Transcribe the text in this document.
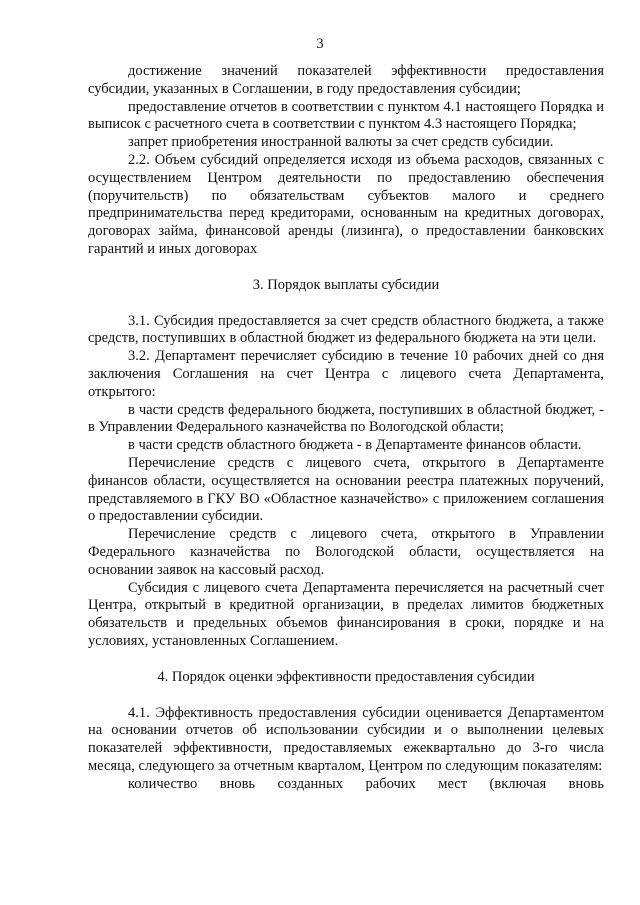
3

достижение значений показателей эффективности предоставления субсидии, указанных в Соглашении, в году предоставления субсидии;

предоставление отчетов в соответствии с пунктом 4.1 настоящего Порядка и выписок с расчетного счета в соответствии с пунктом 4.3 настоящего Порядка;

запрет приобретения иностранной валюты за счет средств субсидии.

2.2. Объем субсидий определяется исходя из объема расходов, связанных с осуществлением Центром деятельности по предоставлению обеспечения (поручительств) по обязательствам субъектов малого и среднего предпринимательства перед кредиторами, основанным на кредитных договорах, договорах займа, финансовой аренды (лизинга), о предоставлении банковских гарантий и иных договорах

3. Порядок выплаты субсидии

3.1. Субсидия предоставляется за счет средств областного бюджета, а также средств, поступивших в областной бюджет из федерального бюджета на эти цели.

3.2. Департамент перечисляет субсидию в течение 10 рабочих дней со дня заключения Соглашения на счет Центра с лицевого счета Департамента, открытого:

в части средств федерального бюджета, поступивших в областной бюджет, - в Управлении Федерального казначейства по Вологодской области;

в части средств областного бюджета - в Департаменте финансов области.

Перечисление средств с лицевого счета, открытого в Департаменте финансов области, осуществляется на основании реестра платежных поручений, представляемого в ГКУ ВО «Областное казначейство» с приложением соглашения о предоставлении субсидии.

Перечисление средств с лицевого счета, открытого в Управлении Федерального казначейства по Вологодской области, осуществляется на основании заявок на кассовый расход.

Субсидия с лицевого счета Департамента перечисляется на расчетный счет Центра, открытый в кредитной организации, в пределах лимитов бюджетных обязательств и предельных объемов финансирования в сроки, порядке и на условиях, установленных Соглашением.

4. Порядок оценки эффективности предоставления субсидии

4.1. Эффективность предоставления субсидии оценивается Департаментом на основании отчетов об использовании субсидии и о выполнении целевых показателей эффективности, предоставляемых ежеквартально до 3-го числа месяца, следующего за отчетным кварталом, Центром по следующим показателям:

количество вновь созданных рабочих мест (включая вновь
